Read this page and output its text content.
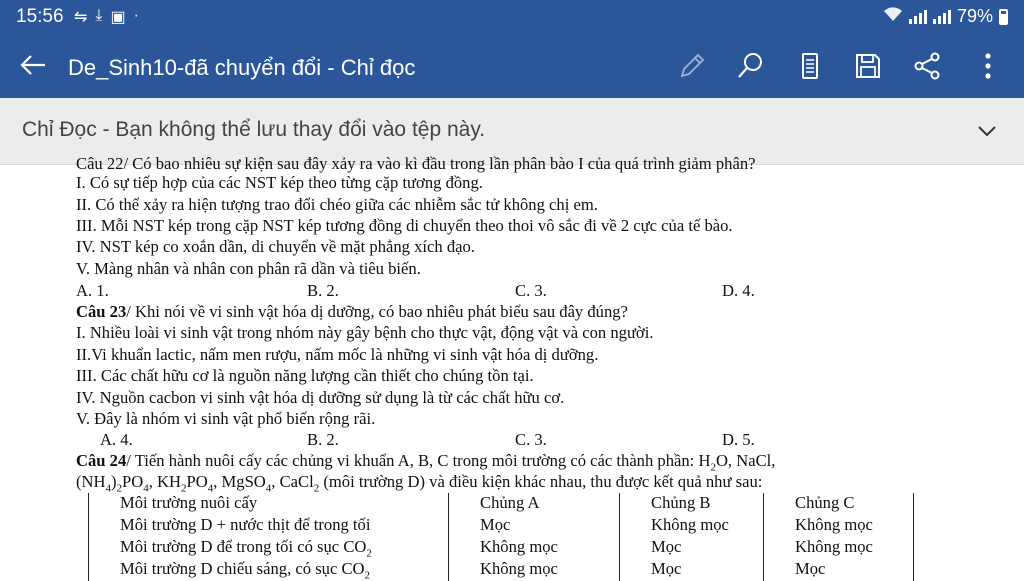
15:56 ⇋ ⤓ ▣ ·	79%
De_Sinh10-đã chuyển đổi - Chỉ đọc
Chỉ Đọc - Bạn không thể lưu thay đổi vào tệp này.
Câu 22/ Có bao nhiêu sự kiện sau đây xảy ra vào kì đầu trong lần phân bào I của quá trình giảm phân?
I. Có sự tiếp hợp của các NST kép theo từng cặp tương đồng.
II. Có thể xảy ra hiện tượng trao đổi chéo giữa các nhiễm sắc tử không chị em.
III. Mỗi NST kép trong cặp NST kép tương đồng di chuyển theo thoi vô sắc đi về 2 cực của tế bào.
IV. NST kép co xoắn dần, di chuyển về mặt phẳng xích đạo.
V. Màng nhân và nhân con phân rã dần và tiêu biến.
A. 1.	B. 2.	C. 3.	D. 4.
Câu 23/ Khi nói về vi sinh vật hóa dị dưỡng, có bao nhiêu phát biểu sau đây đúng?
I. Nhiều loài vi sinh vật trong nhóm này gây bệnh cho thực vật, động vật và con người.
II.Vi khuẩn lactic, nấm men rượu, nấm mốc là những vi sinh vật hóa dị dưỡng.
III. Các chất hữu cơ là nguồn năng lượng cần thiết cho chúng tồn tại.
IV. Nguồn cacbon vi sinh vật hóa dị dưỡng sử dụng là từ các chất hữu cơ.
V. Đây là nhóm vi sinh vật phổ biến rộng rãi.
A. 4.	B. 2.	C. 3.	D. 5.
Câu 24/ Tiến hành nuôi cấy các chủng vi khuẩn A, B, C trong môi trường có các thành phần: $H_2O$, NaCl,
$(NH_4)_2PO_4$, $KH_2PO_4$, MgSO$_4$, CaCl$_2$ (môi trường D) và điều kiện khác nhau, thu được kết quả như sau:
Môi trường nuôi cấy	Chủng A	Chủng B	Chủng C
Môi trường D + nước thịt để trong tối	Mọc	Không mọc	Không mọc
Môi trường D để trong tối có sục $CO_2$	Không mọc	Mọc	Không mọc
Môi trường D chiếu sáng, có sục $CO_2$	Không mọc	Mọc	Mọc
